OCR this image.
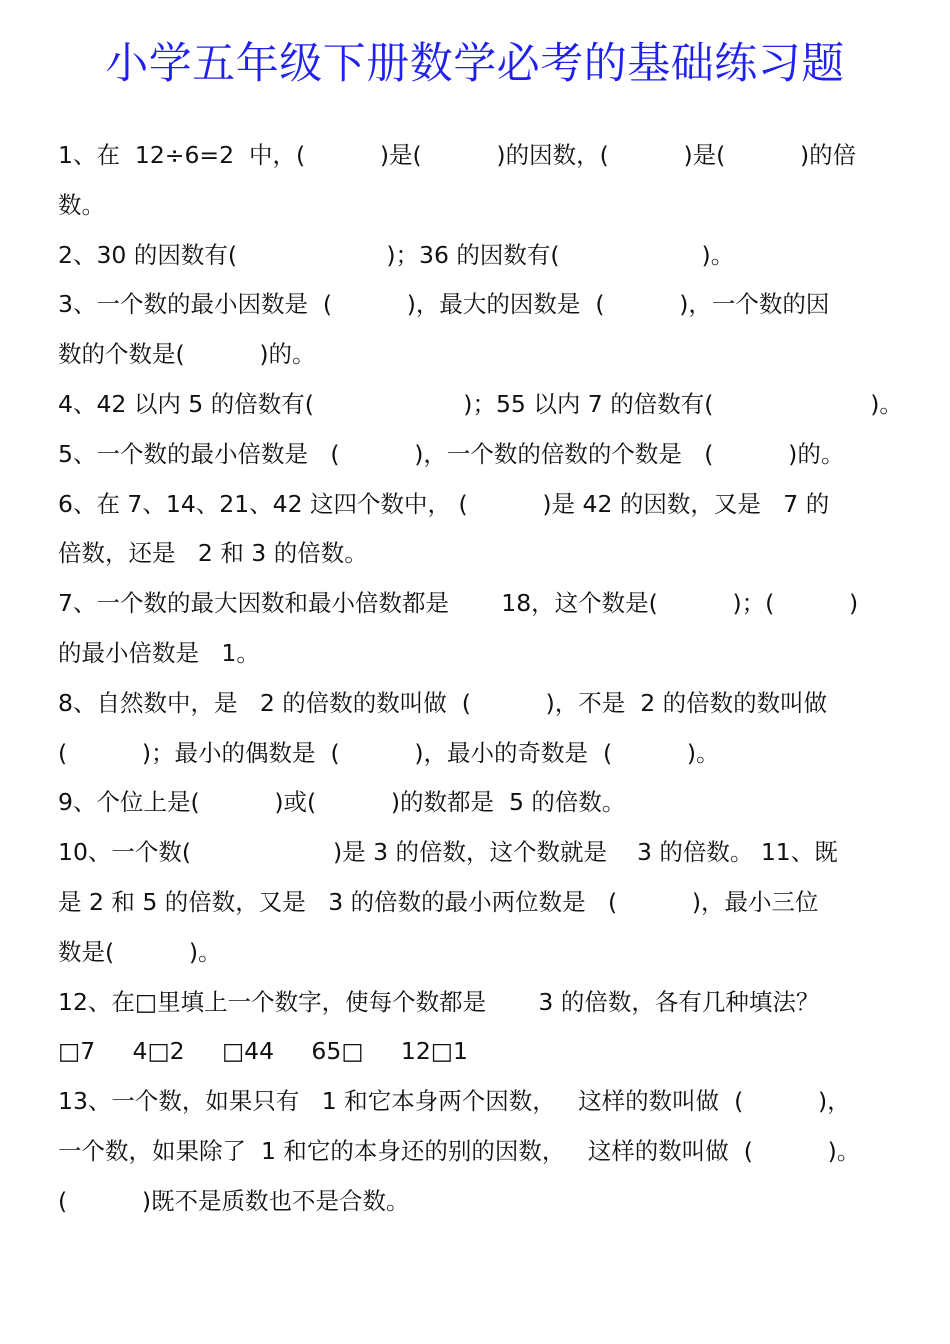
小学五年级下册数学必考的基础练习题
1、在  12÷6=2  中，(          )是(          )的因数，(          )是(          )的倍
数。
2、30 的因数有(                    )；36 的因数有(                   )。
3、一个数的最小因数是  (          )，最大的因数是  (          )，一个数的因
数的个数是(          )的。
4、42 以内 5 的倍数有(                    )；55 以内 7 的倍数有(                     )。
5、一个数的最小倍数是   (          )，一个数的倍数的个数是   (          )的。
6、在 7、14、21、42 这四个数中， (          )是 42 的因数，又是   7 的
倍数，还是   2 和 3 的倍数。
7、一个数的最大因数和最小倍数都是       18，这个数是(          )；(          )
的最小倍数是   1。
8、自然数中，是   2 的倍数的数叫做  (          )，不是  2 的倍数的数叫做
(          )；最小的偶数是  (          )，最小的奇数是  (          )。
9、个位上是(          )或(          )的数都是  5 的倍数。
10、一个数(                   )是 3 的倍数，这个数就是    3 的倍数。 11、既
是 2 和 5 的倍数，又是   3 的倍数的最小两位数是   (          )，最小三位
数是(          )。
12、在□里填上一个数字，使每个数都是       3 的倍数，各有几种填法？
□7     4□2     □44     65□     12□1
13、一个数，如果只有   1 和它本身两个因数，   这样的数叫做  (          )，
一个数，如果除了  1 和它的本身还的别的因数，   这样的数叫做  (          )。
(          )既不是质数也不是合数。
